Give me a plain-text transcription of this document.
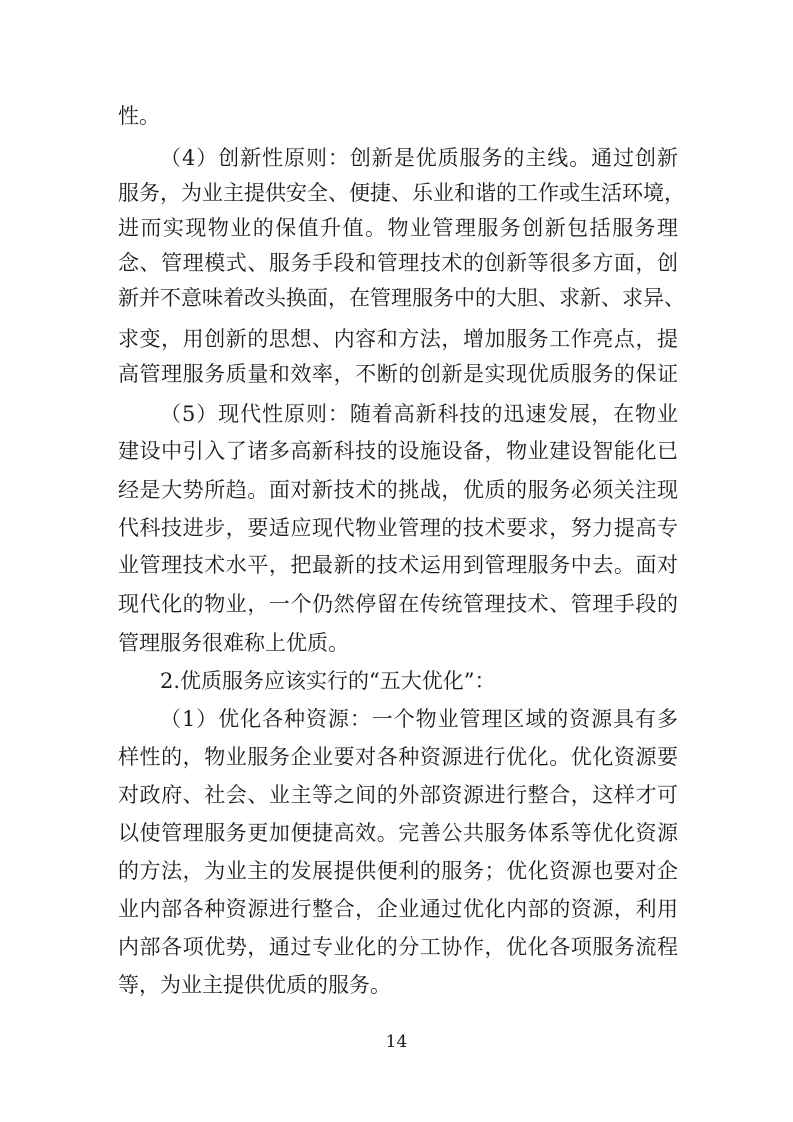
性。
（4）创新性原则：创新是优质服务的主线。通过创新
服务，为业主提供安全、便捷、乐业和谐的工作或生活环境，
进而实现物业的保值升值。物业管理服务创新包括服务理
念、管理模式、服务手段和管理技术的创新等很多方面，创
新并不意味着改头换面，在管理服务中的大胆、求新、求异、
求变，用创新的思想、内容和方法，增加服务工作亮点，提
高管理服务质量和效率，不断的创新是实现优质服务的保证
（5）现代性原则：随着高新科技的迅速发展，在物业
建设中引入了诸多高新科技的设施设备，物业建设智能化已
经是大势所趋。面对新技术的挑战，优质的服务必须关注现
代科技进步，要适应现代物业管理的技术要求，努力提高专
业管理技术水平，把最新的技术运用到管理服务中去。面对
现代化的物业，一个仍然停留在传统管理技术、管理手段的
管理服务很难称上优质。
2.优质服务应该实行的“五大优化”：
（1）优化各种资源：一个物业管理区域的资源具有多
样性的，物业服务企业要对各种资源进行优化。优化资源要
对政府、社会、业主等之间的外部资源进行整合，这样才可
以使管理服务更加便捷高效。完善公共服务体系等优化资源
的方法，为业主的发展提供便利的服务；优化资源也要对企
业内部各种资源进行整合，企业通过优化内部的资源，利用
内部各项优势，通过专业化的分工协作，优化各项服务流程
等，为业主提供优质的服务。
14
